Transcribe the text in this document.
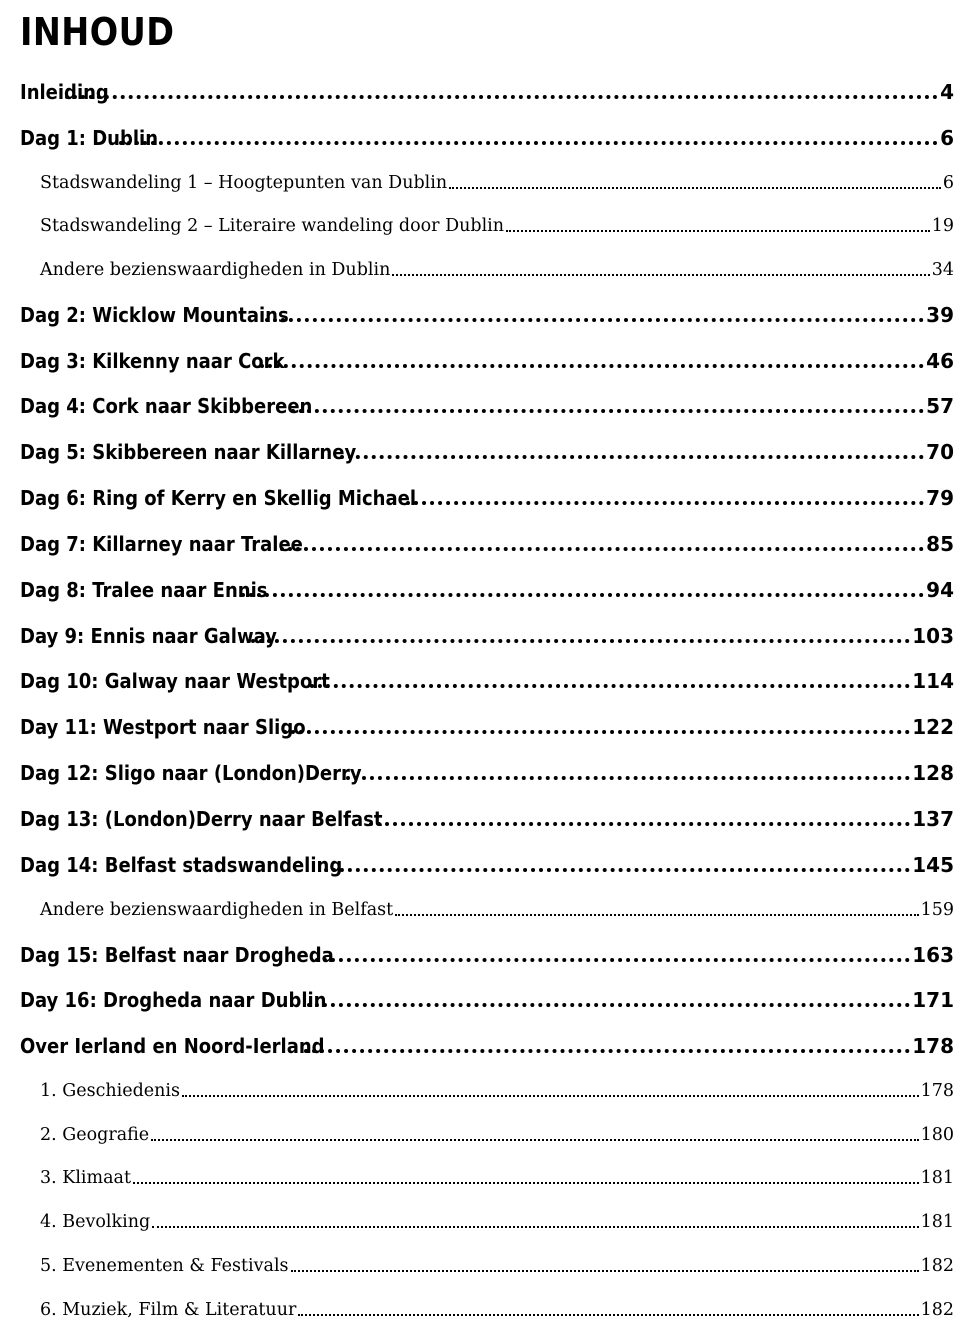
INHOUD
Inleiding	4
Dag 1: Dublin	6
Stadswandeling 1 – Hoogtepunten van Dublin	6
Stadswandeling 2 – Literaire wandeling door Dublin	19
Andere bezienswaardigheden in Dublin	34
Dag 2: Wicklow Mountains	39
Dag 3: Kilkenny naar Cork	46
Dag 4: Cork naar Skibbereen	57
Dag 5: Skibbereen naar Killarney	70
Dag 6: Ring of Kerry en Skellig Michael	79
Dag 7: Killarney naar Tralee	85
Dag 8: Tralee naar Ennis	94
Day 9: Ennis naar Galway	103
Dag 10: Galway naar Westport	114
Day 11: Westport naar Sligo	122
Dag 12: Sligo naar (London)Derry	128
Dag 13: (London)Derry naar Belfast	137
Dag 14: Belfast stadswandeling	145
Andere bezienswaardigheden in Belfast	159
Dag 15: Belfast naar Drogheda	163
Day 16: Drogheda naar Dublin	171
Over Ierland en Noord-Ierland	178
1. Geschiedenis	178
2. Geografie	180
3. Klimaat	181
4. Bevolking	181
5. Evenementen & Festivals	182
6. Muziek, Film & Literatuur	182
